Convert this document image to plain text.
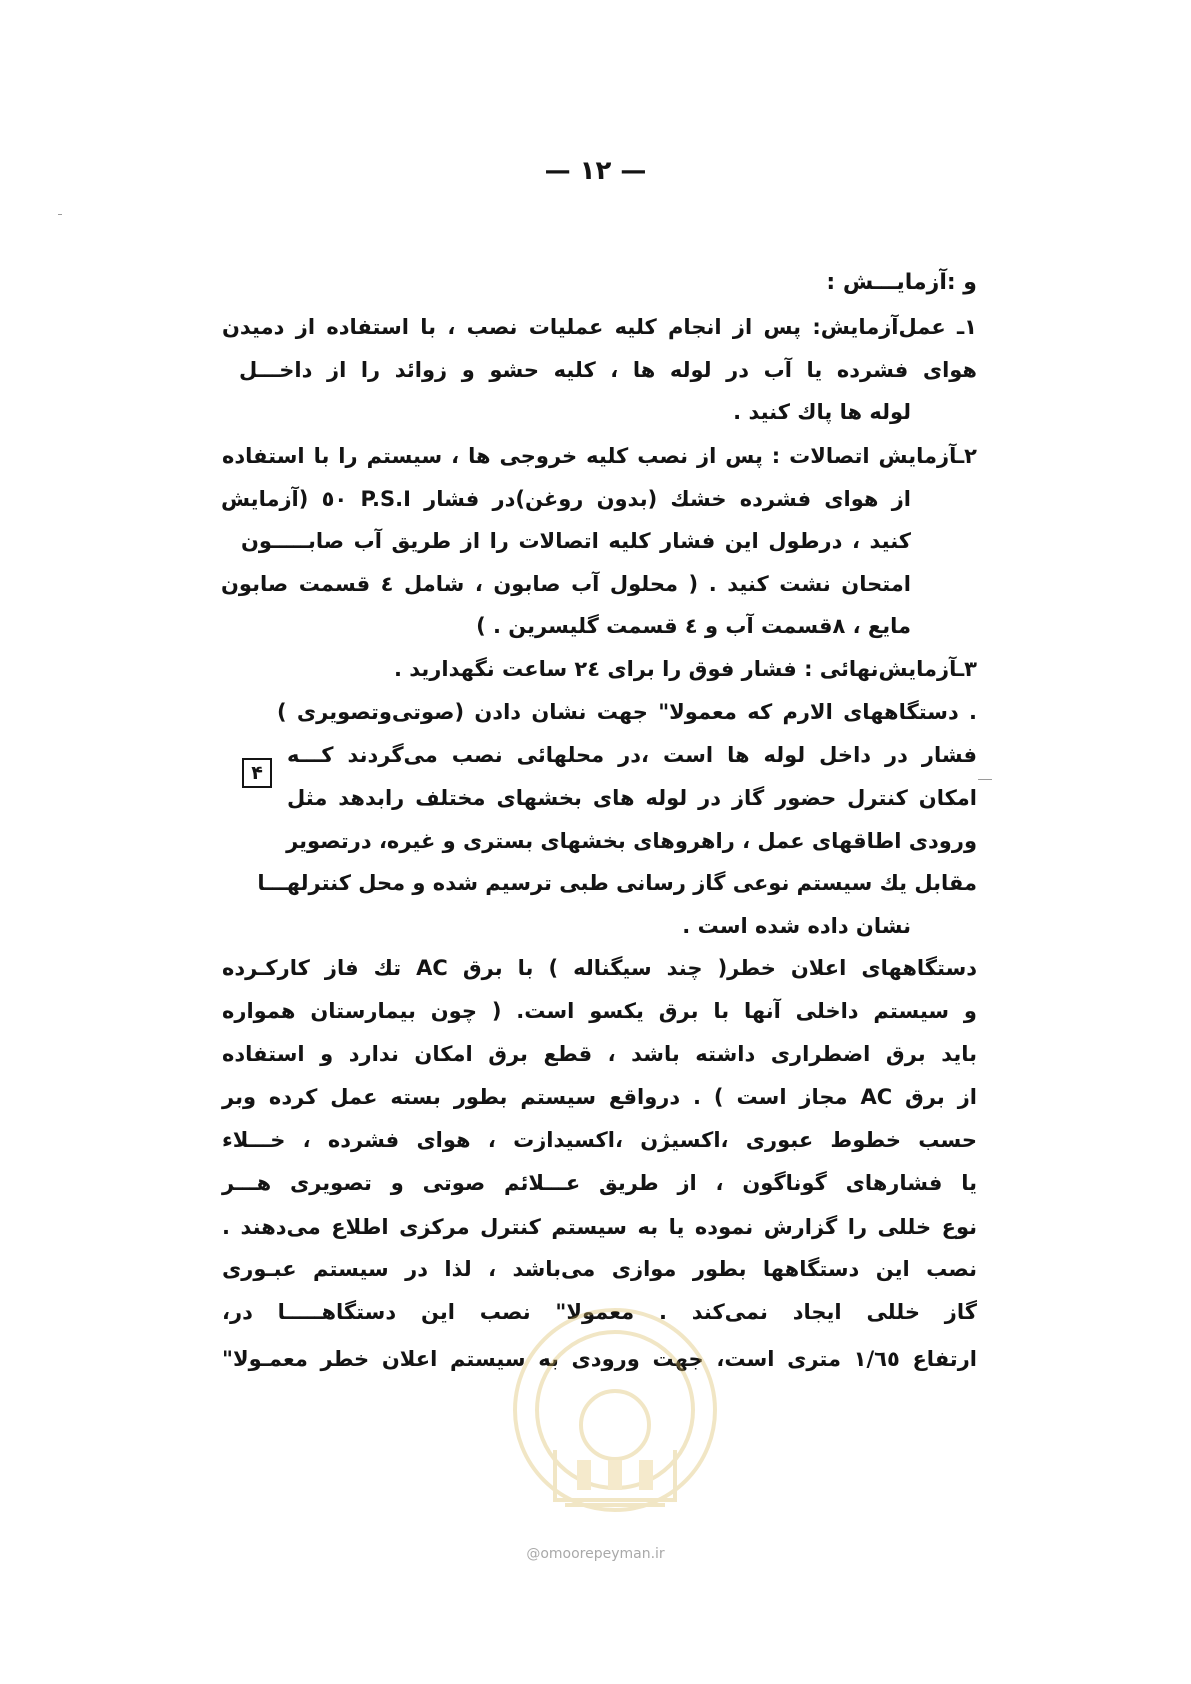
— ١٢ —
و :آزمایـــش :
١ـ عمل‌آزمایش: پس از انجام کلیه عملیات نصب ، با استفاده از دمیدن
هوای فشرده یا آب در لوله ها ، کلیه حشو و زوائد را از داخـــل
لوله ها پاك کنید .
۲ـآزمایش اتصالات : پس از نصب کلیه خروجی ها ، سیستم را با استفاده
از هوای فشرده خشك (بدون روغن)در فشار P.S.I ٥٠ (آزمایش
کنید ، درطول این فشار کلیه اتصالات را از طریق آب صابـــــون
امتحان نشت کنید . ( محلول آب صابون ، شامل ٤ قسمت صابون
مایع ، ٨قسمت آب و ٤ قسمت گلیسرین . )
۳ـآزمایش‌نهائی : فشار فوق را برای ٢٤ ساعت نگهدارید .
۴
. دستگاههای الارم که معمولا" جهت نشان دادن (صوتی‌وتصویری )
فشار در داخل لوله ها است ،در محلهائی نصب می‌گردند کـــه
امکان کنترل حضور گاز در لوله های بخشهای مختلف رابدهد مثل
ورودی اطاقهای عمل ، راهروهای بخشهای بستری و غیره، درتصویر
مقابل یك سیستم نوعی گاز رسانی طبی ترسیم شده و محل کنترلهـــا
نشان داده شده است .
دستگاههای اعلان خطر( چند سیگناله ) با برق AC تك فاز کارکـرده
و سیستم داخلی آنها با برق یکسو است. ( چون بیمارستان همواره
باید برق اضطراری داشته باشد ، قطع برق امکان ندارد و استفاده
از برق AC مجاز است ) . درواقع سیستم بطور بسته عمل کرده وبر
حسب خطوط عبوری ،اکسیژن ،اکسیدازت ، هوای فشرده ، خـــلاء
یا فشارهای گوناگون ، از طریق عـــلائم صوتی و تصویری هـــر
نوع خللی را گزارش نموده یا به سیستم کنترل مرکزی اطلاع می‌دهند .
نصب این دستگاهها بطور موازی می‌باشد ، لذا در سیستم عبـوری
گاز خللی ایجاد نمی‌کند . معمولا" نصب این دستگاهـــــا در،
ارتفاع ١/٦٥ متری است، جهت ورودی به سیستم اعلان خطر معمـولا"
@omoorepeyman.ir
